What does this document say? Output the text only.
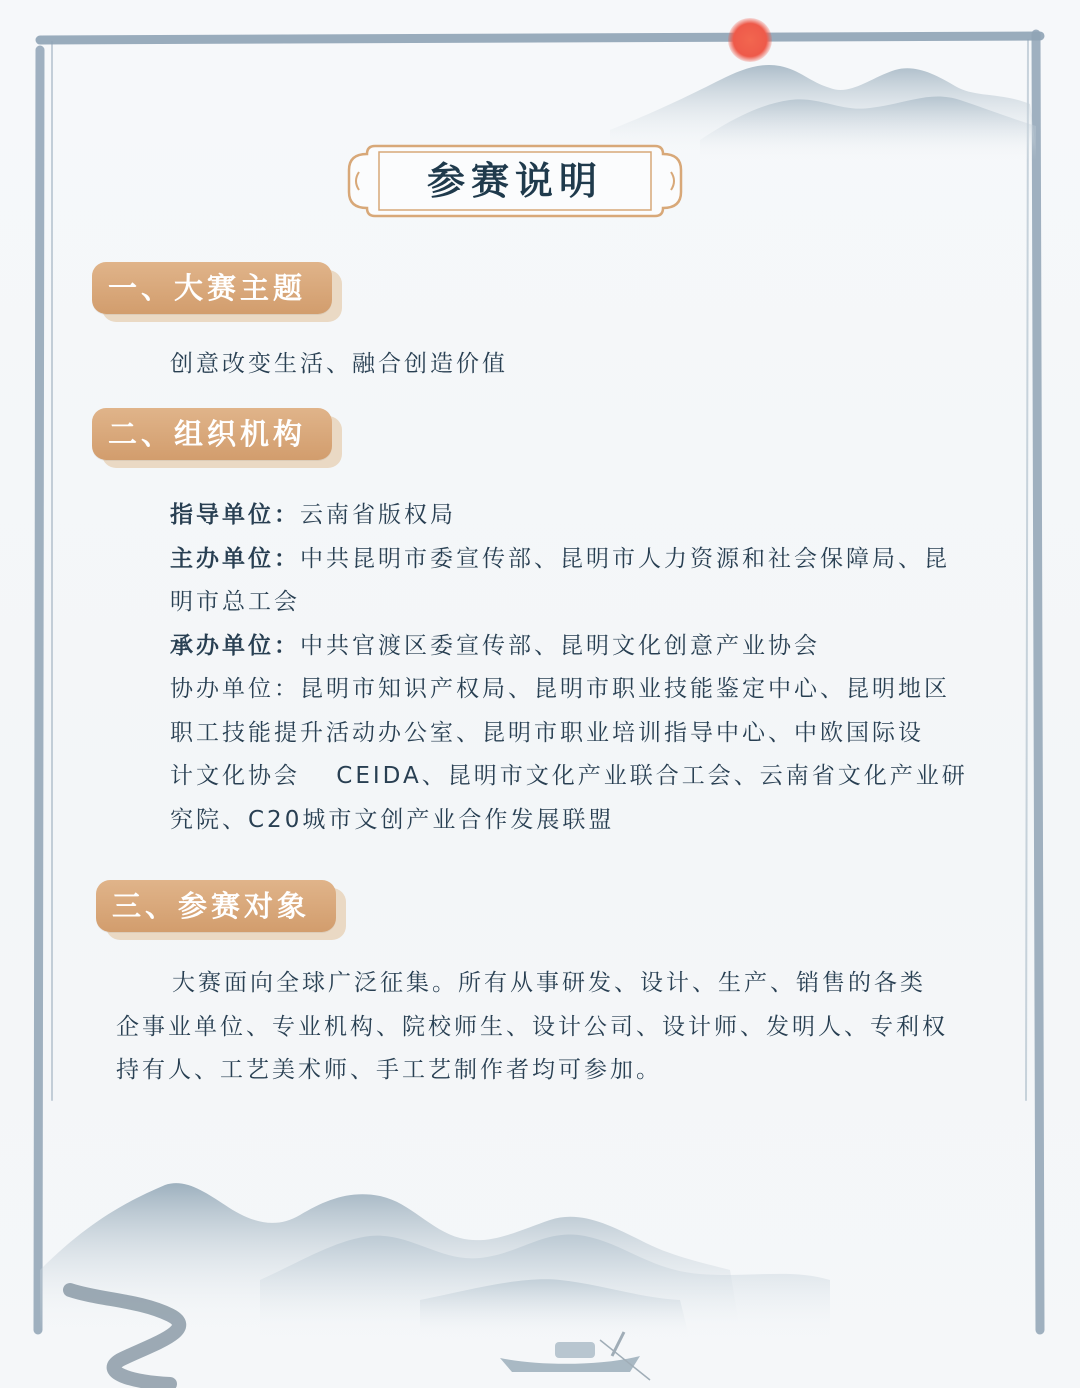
参赛说明
一、大赛主题
创意改变生活、融合创造价值
二、组织机构
指导单位：云南省版权局
主办单位：中共昆明市委宣传部、昆明市人力资源和社会保障局、昆
明市总工会
承办单位：中共官渡区委宣传部、昆明文化创意产业协会
协办单位：昆明市知识产权局、昆明市职业技能鉴定中心、昆明地区
职工技能提升活动办公室、昆明市职业培训指导中心、中欧国际设
计文化协会　 CEIDA、昆明市文化产业联合工会、云南省文化产业研
究院、C20城市文创产业合作发展联盟
三、参赛对象
大赛面向全球广泛征集。所有从事研发、设计、生产、销售的各类
企事业单位、专业机构、院校师生、设计公司、设计师、发明人、专利权
持有人、工艺美术师、手工艺制作者均可参加。
